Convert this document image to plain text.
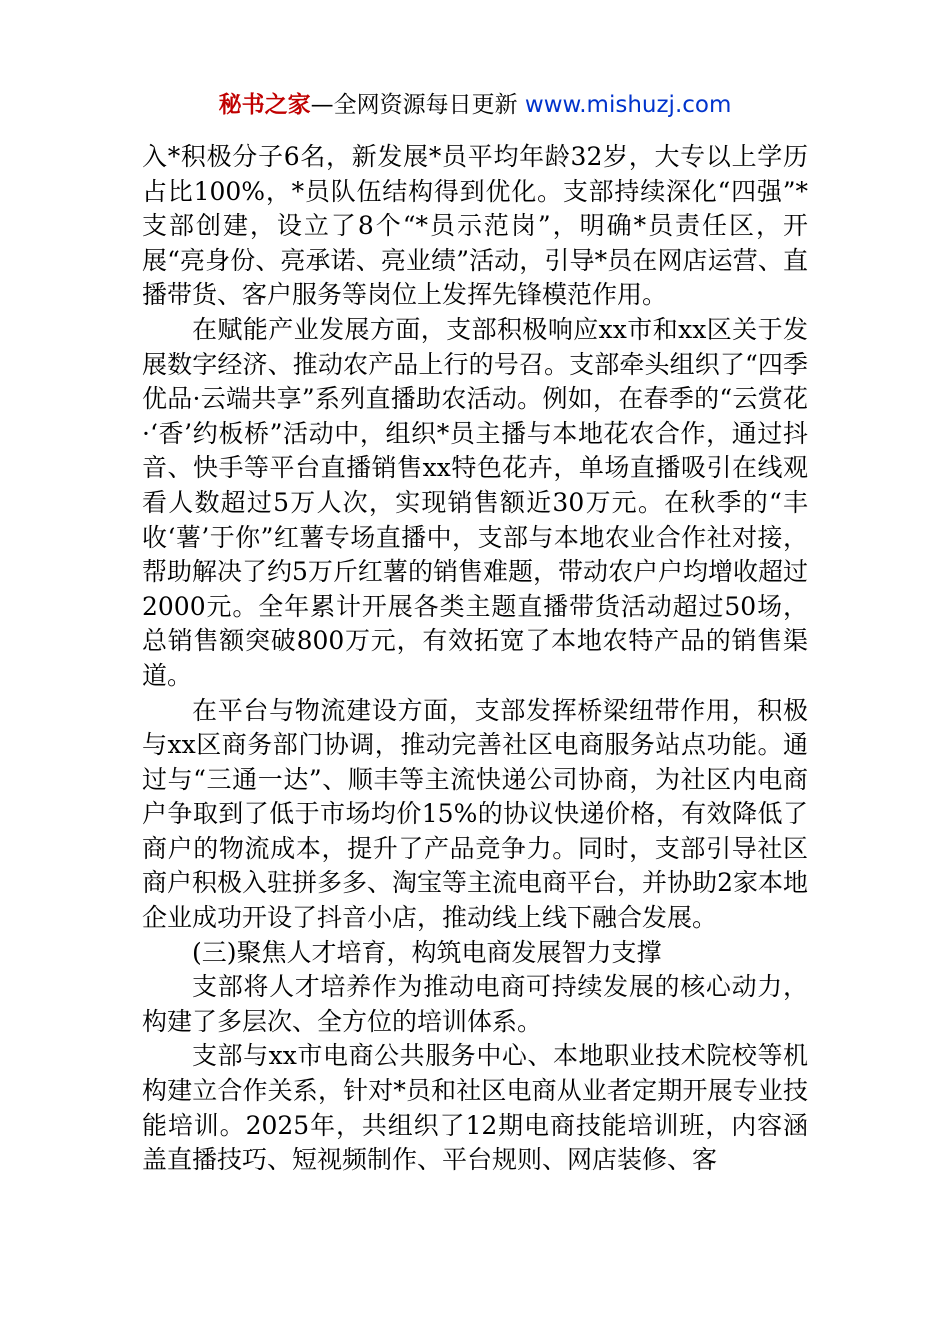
秘书之家—全网资源每日更新 www.mishuzj.com

入*积极分子6名，新发展*员平均年龄32岁，大专以上学历占比100%，*员队伍结构得到优化。支部持续深化“四强”*支部创建，设立了8个“*员示范岗”，明确*员责任区，开展“亮身份、亮承诺、亮业绩”活动，引导*员在网店运营、直播带货、客户服务等岗位上发挥先锋模范作用。

在赋能产业发展方面，支部积极响应xx市和xx区关于发展数字经济、推动农产品上行的号召。支部牵头组织了“四季优品·云端共享”系列直播助农活动。例如，在春季的“云赏花·‘香’约板桥”活动中，组织*员主播与本地花农合作，通过抖音、快手等平台直播销售xx特色花卉，单场直播吸引在线观看人数超过5万人次，实现销售额近30万元。在秋季的“丰收‘薯’于你”红薯专场直播中，支部与本地农业合作社对接，帮助解决了约5万斤红薯的销售难题，带动农户户均增收超过2000元。全年累计开展各类主题直播带货活动超过50场，总销售额突破800万元，有效拓宽了本地农特产品的销售渠道。

在平台与物流建设方面，支部发挥桥梁纽带作用，积极与xx区商务部门协调，推动完善社区电商服务站点功能。通过与“三通一达”、顺丰等主流快递公司协商，为社区内电商户争取到了低于市场均价15%的协议快递价格，有效降低了商户的物流成本，提升了产品竞争力。同时，支部引导社区商户积极入驻拼多多、淘宝等主流电商平台，并协助2家本地企业成功开设了抖音小店，推动线上线下融合发展。

(三)聚焦人才培育，构筑电商发展智力支撑

支部将人才培养作为推动电商可持续发展的核心动力，构建了多层次、全方位的培训体系。

支部与xx市电商公共服务中心、本地职业技术院校等机构建立合作关系，针对*员和社区电商从业者定期开展专业技能培训。2025年，共组织了12期电商技能培训班，内容涵盖直播技巧、短视频制作、平台规则、网店装修、客
